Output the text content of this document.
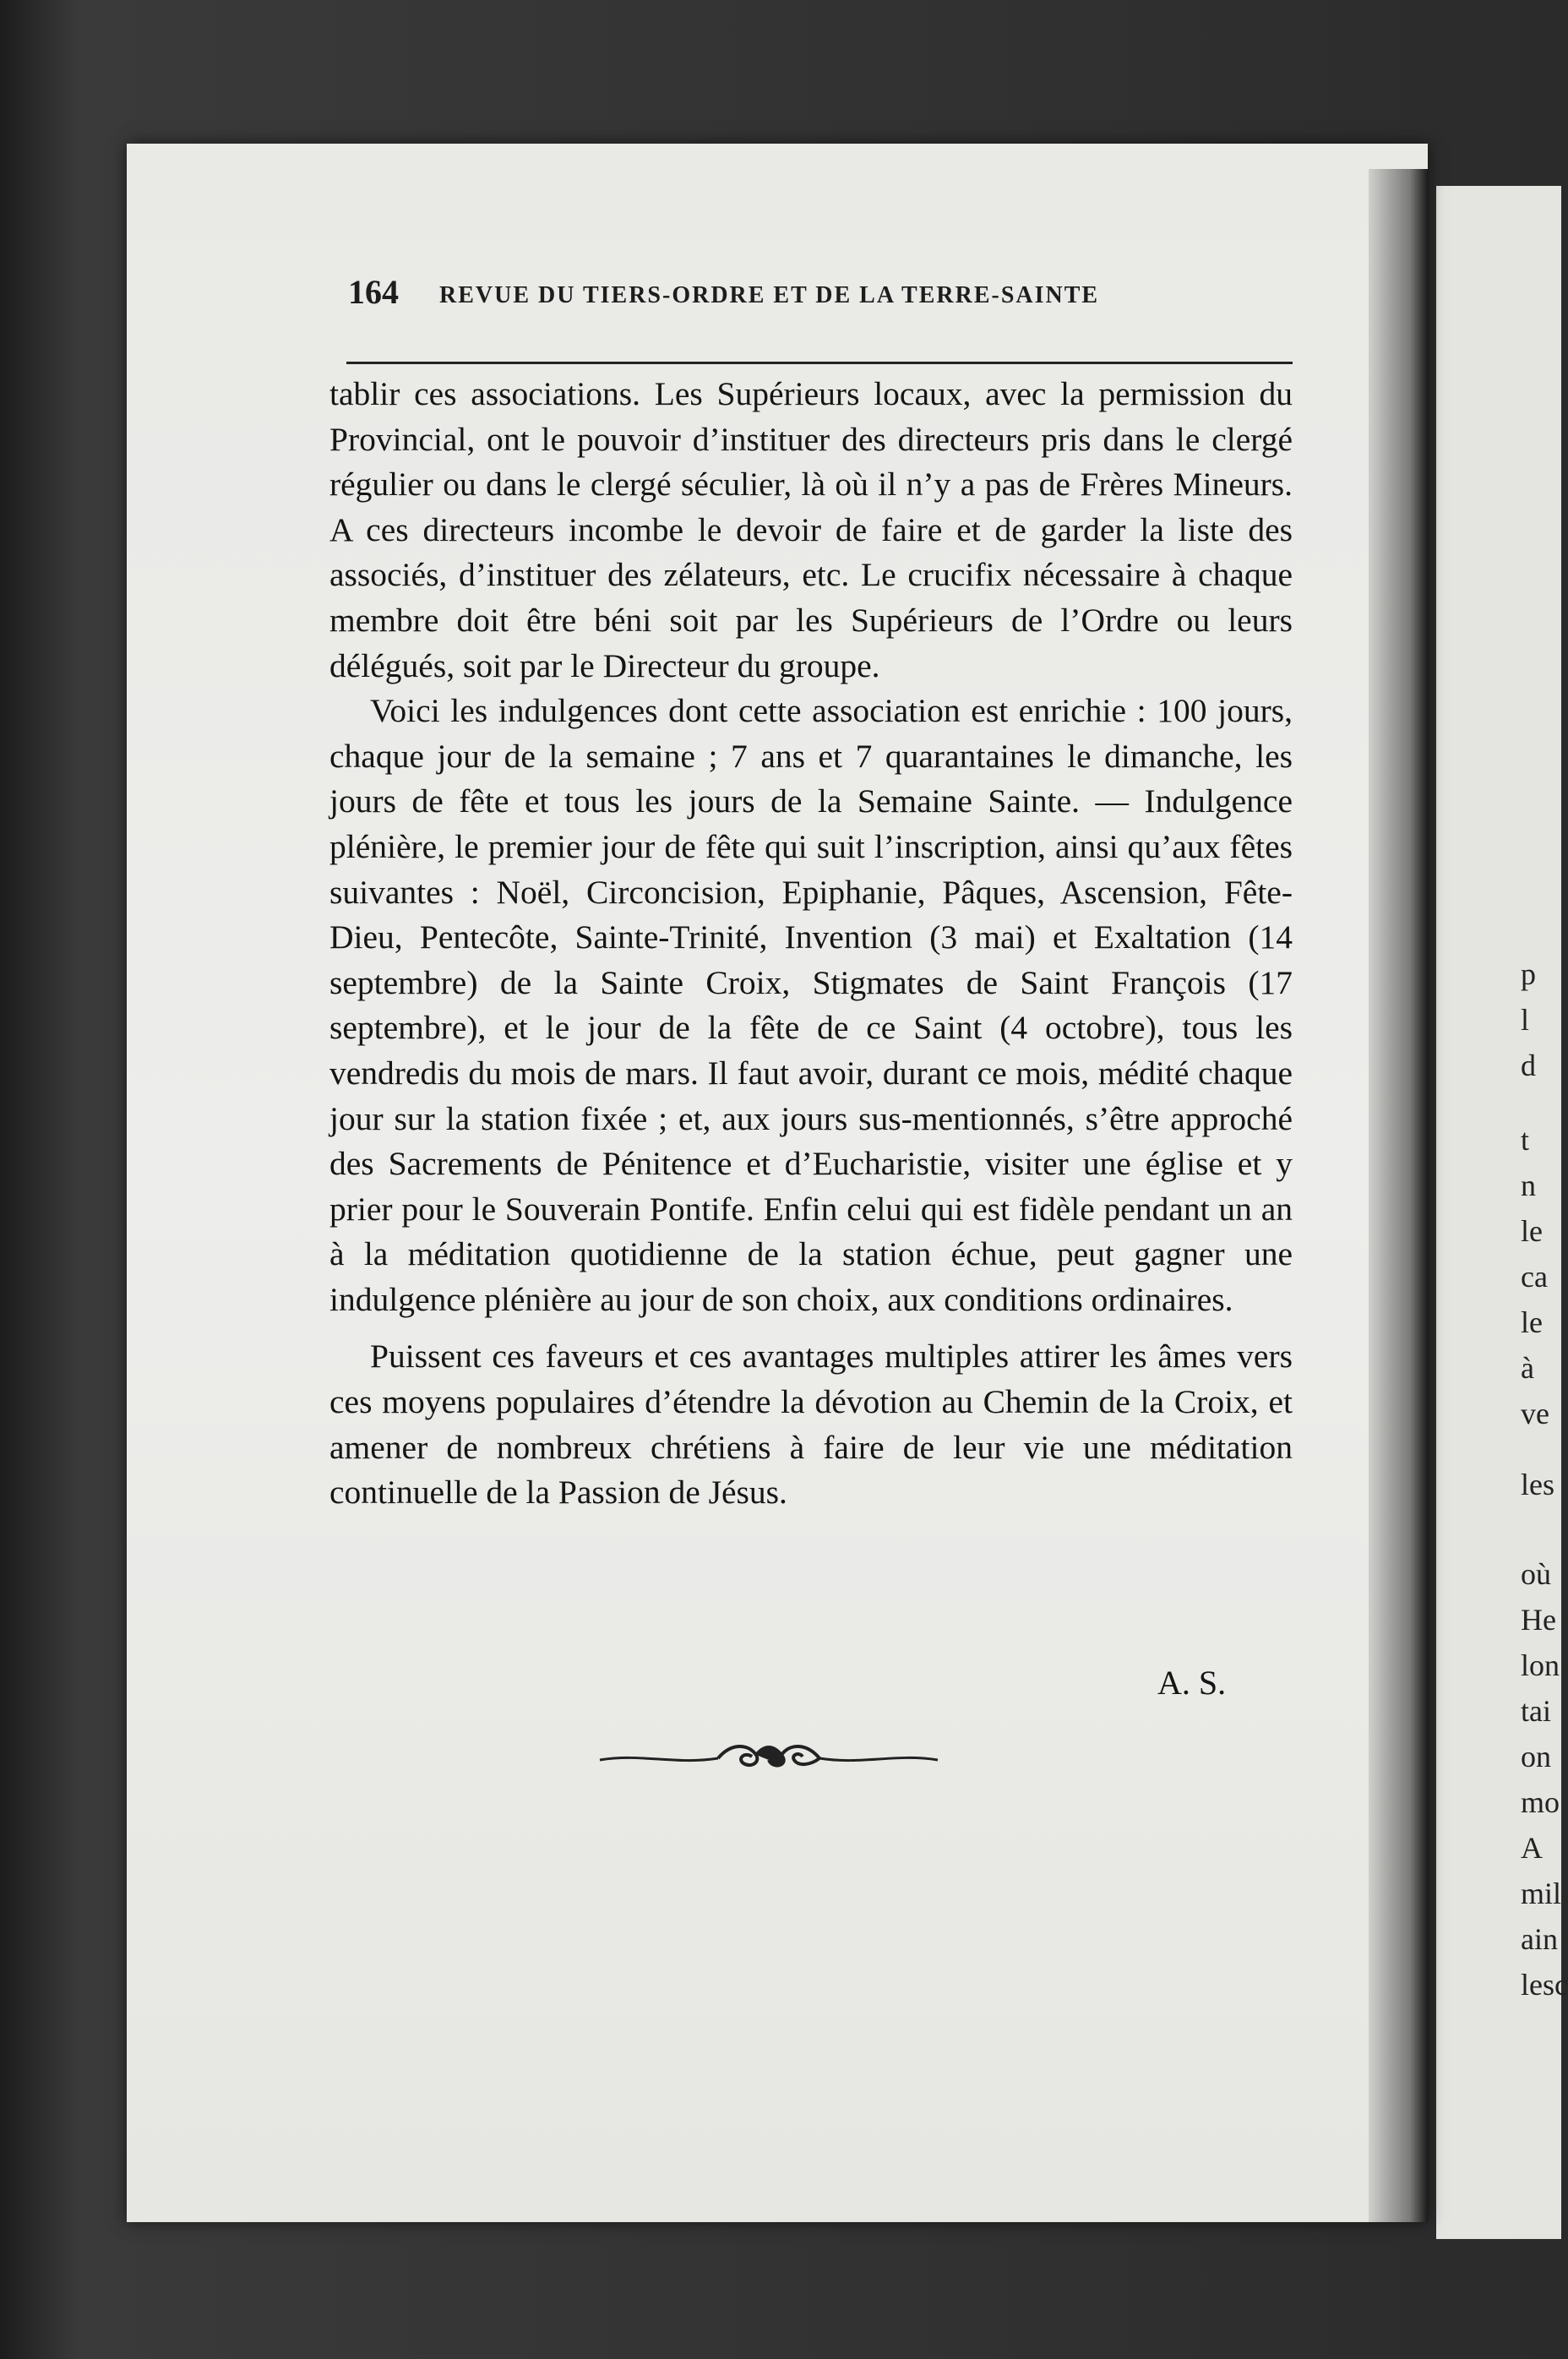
p
l
d
t
n
le
ca
le
à
ve
les
où
He
lon
tai
on
mo
A
mil
ain
lesc
164 REVUE DU TIERS-ORDRE ET DE LA TERRE-SAINTE

tablir ces associations. Les Supérieurs locaux, avec la permission du Provincial, ont le pouvoir d’instituer des directeurs pris dans le clergé régulier ou dans le clergé séculier, là où il n’y a pas de Frères Mineurs. A ces directeurs incombe le devoir de faire et de garder la liste des associés, d’instituer des zélateurs, etc. Le crucifix nécessaire à chaque membre doit être béni soit par les Supérieurs de l’Ordre ou leurs délégués, soit par le Directeur du groupe.

Voici les indulgences dont cette association est enrichie : 100 jours, chaque jour de la semaine ; 7 ans et 7 quarantaines le dimanche, les jours de fête et tous les jours de la Semaine Sainte. — Indulgence plénière, le premier jour de fête qui suit l’inscription, ainsi qu’aux fêtes suivantes : Noël, Circoncision, Epiphanie, Pâques, Ascension, Fête-Dieu, Pentecôte, Sainte-Trinité, Invention (3 mai) et Exaltation (14 septembre) de la Sainte Croix, Stigmates de Saint François (17 septembre), et le jour de la fête de ce Saint (4 octobre), tous les vendredis du mois de mars. Il faut avoir, durant ce mois, médité chaque jour sur la station fixée ; et, aux jours sus-mentionnés, s’être approché des Sacrements de Pénitence et d’Eucharistie, visiter une église et y prier pour le Souverain Pontife. Enfin celui qui est fidèle pendant un an à la méditation quotidienne de la station échue, peut gagner une indulgence plénière au jour de son choix, aux conditions ordinaires.

Puissent ces faveurs et ces avantages multiples attirer les âmes vers ces moyens populaires d’étendre la dévotion au Chemin de la Croix, et amener de nombreux chrétiens à faire de leur vie une méditation continuelle de la Passion de Jésus.

A. S.
